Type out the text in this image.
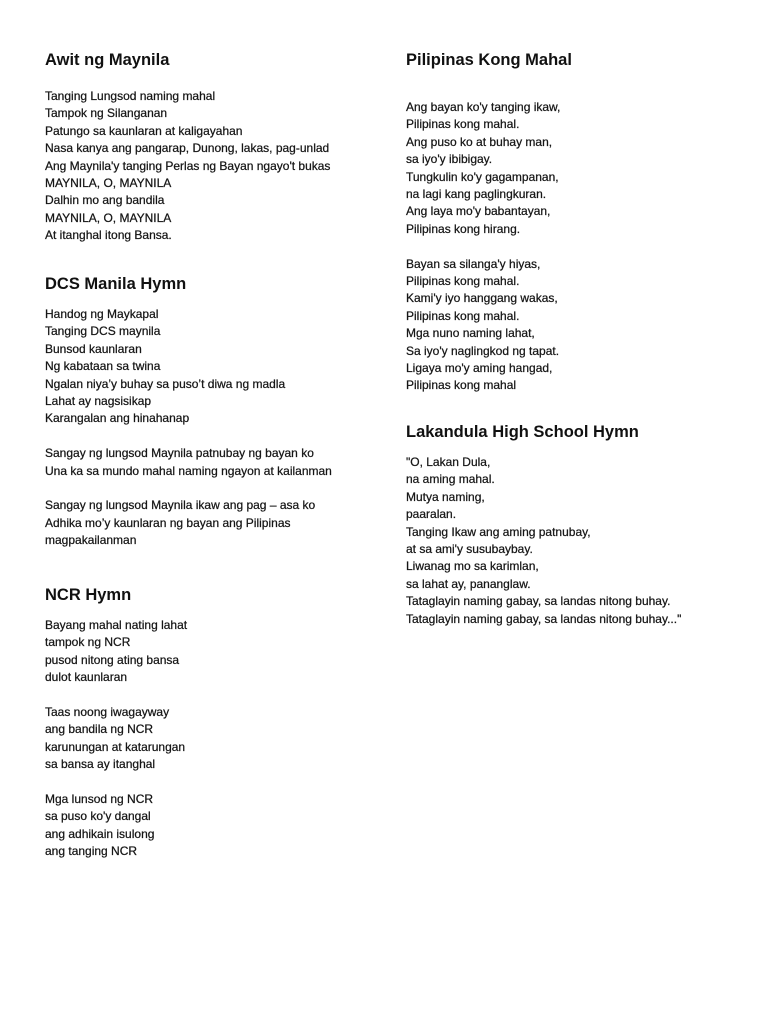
Awit ng Maynila
Tanging Lungsod naming mahal
Tampok ng Silanganan
Patungo sa kaunlaran at kaligayahan
Nasa kanya ang pangarap, Dunong, lakas, pag-unlad
Ang Maynila'y tanging Perlas ng Bayan ngayo't bukas
MAYNILA, O, MAYNILA
Dalhin mo ang bandila
MAYNILA, O, MAYNILA
At itanghal itong Bansa.
DCS Manila Hymn
Handog ng Maykapal
Tanging DCS maynila
Bunsod kaunlaran
Ng kabataan sa twina
Ngalan niya’y buhay sa puso’t diwa ng madla
Lahat ay nagsisikap
Karangalan ang hinahanap
Sangay ng lungsod Maynila patnubay ng bayan ko
Una ka sa mundo mahal naming ngayon at kailanman
Sangay ng lungsod Maynila ikaw ang pag – asa ko
Adhika mo’y kaunlaran ng bayan ang Pilipinas
magpakailanman
NCR Hymn
Bayang mahal nating lahat
tampok ng NCR
pusod nitong ating bansa
dulot kaunlaran
Taas noong iwagayway
ang bandila ng NCR
karunungan at katarungan
sa bansa ay itanghal
Mga lunsod ng NCR
sa puso ko'y dangal
ang adhikain isulong
ang tanging NCR
Pilipinas Kong Mahal
Ang bayan ko'y tanging ikaw,
Pilipinas kong mahal.
Ang puso ko at buhay man,
sa iyo'y ibibigay.
Tungkulin ko'y gagampanan,
na lagi kang paglingkuran.
Ang laya mo'y babantayan,
Pilipinas kong hirang.
Bayan sa silanga'y hiyas,
Pilipinas kong mahal.
Kami'y iyo hanggang wakas,
Pilipinas kong mahal.
Mga nuno naming lahat,
Sa iyo'y naglingkod ng tapat.
Ligaya mo'y aming hangad,
Pilipinas kong mahal
Lakandula High School Hymn
"O, Lakan Dula,
na aming mahal.
Mutya naming,
paaralan.
Tanging Ikaw ang aming patnubay,
at sa ami'y susubaybay.
Liwanag mo sa karimlan,
sa lahat ay, pananglaw.
Tataglayin naming gabay, sa landas nitong buhay.
Tataglayin naming gabay, sa landas nitong buhay..."
